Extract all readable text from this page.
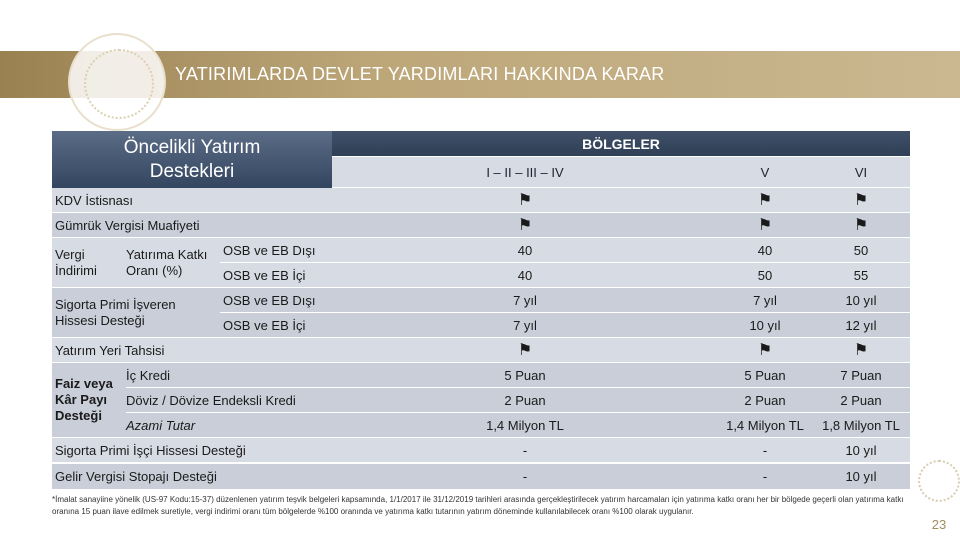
YATIRIMLARDA DEVLET YARDIMLARI HAKKINDA KARAR
Öncelikli Yatırım
Destekleri
BÖLGELER
I – II – III – IV	V	VI
KDV İstisnası	⚑	⚑	⚑
Gümrük Vergisi Muafiyeti	⚑	⚑	⚑
Vergi
İndirimi
Yatırıma Katkı
Oranı (%)
OSB ve EB Dışı	40	40	50
OSB ve EB İçi	40	50	55
Sigorta Primi İşveren
Hissesi Desteği
OSB ve EB Dışı	7 yıl	7 yıl	10 yıl
OSB ve EB İçi	7 yıl	10 yıl	12 yıl
Yatırım Yeri Tahsisi	⚑	⚑	⚑
Faiz veya
Kâr Payı
Desteği
İç Kredi	5 Puan	5 Puan	7 Puan
Döviz / Dövize Endeksli Kredi	2 Puan	2 Puan	2 Puan
Azami Tutar	1,4 Milyon TL	1,4 Milyon TL	1,8 Milyon TL
Sigorta Primi İşçi Hissesi Desteği	-	-	10 yıl
Gelir Vergisi Stopajı Desteği	-	-	10 yıl
*İmalat sanayiine yönelik (US-97 Kodu:15-37) düzenlenen yatırım teşvik belgeleri kapsamında, 1/1/2017 ile 31/12/2019 tarihleri arasında gerçekleştirilecek yatırım harcamaları için yatırıma katkı oranı her bir bölgede geçerli olan yatırıma katkı oranına 15 puan ilave edilmek suretiyle, vergi indirimi oranı tüm bölgelerde %100 oranında ve yatırıma katkı tutarının yatırım döneminde kullanılabilecek oranı %100 olarak uygulanır.
23
